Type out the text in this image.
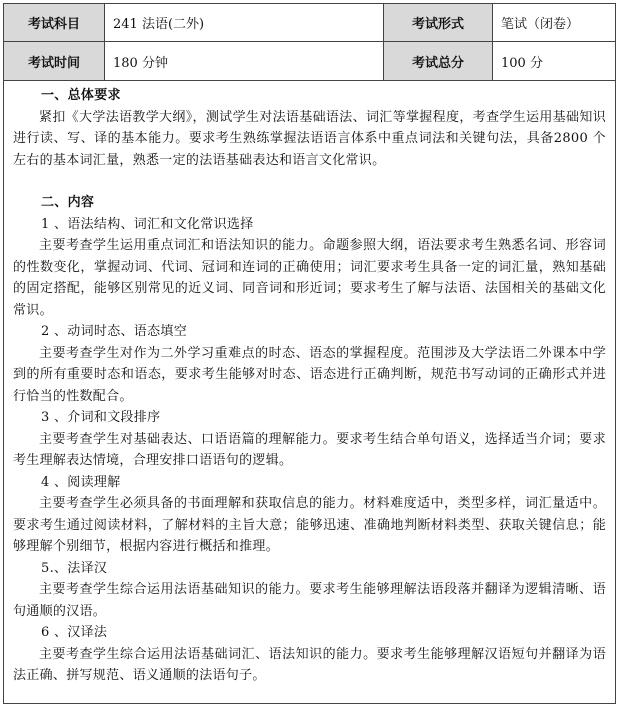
考试科目	241 法语(二外)	考试形式	笔试（闭卷）
考试时间	180 分钟	考试总分	100 分

一、总体要求

紧扣《大学法语教学大纲》，测试学生对法语基础语法、词汇等掌握程度，考查学生运用基础知识进行读、写、译的基本能力。要求考生熟练掌握法语语言体系中重点词法和关键句法，具备2800 个左右的基本词汇量，熟悉一定的法语基础表达和语言文化常识。

二、内容

1 、语法结构、词汇和文化常识选择

主要考查学生运用重点词汇和语法知识的能力。命题参照大纲，语法要求考生熟悉名词、形容词的性数变化，掌握动词、代词、冠词和连词的正确使用；词汇要求考生具备一定的词汇量，熟知基础的固定搭配，能够区别常见的近义词、同音词和形近词；要求考生了解与法语、法国相关的基础文化常识。

2 、动词时态、语态填空

主要考查学生对作为二外学习重难点的时态、语态的掌握程度。范围涉及大学法语二外课本中学到的所有重要时态和语态，要求考生能够对时态、语态进行正确判断，规范书写动词的正确形式并进行恰当的性数配合。

3 、介词和文段排序

主要考查学生对基础表达、口语语篇的理解能力。要求考生结合单句语义，选择适当介词；要求考生理解表达情境，合理安排口语语句的逻辑。

4 、阅读理解

主要考查学生必须具备的书面理解和获取信息的能力。材料难度适中，类型多样，词汇量适中。要求考生通过阅读材料，了解材料的主旨大意；能够迅速、准确地判断材料类型、获取关键信息；能够理解个别细节，根据内容进行概括和推理。

5.、法译汉

主要考查学生综合运用法语基础知识的能力。要求考生能够理解法语段落并翻译为逻辑清晰、语句通顺的汉语。

6 、汉译法

主要考查学生综合运用法语基础词汇、语法知识的能力。要求考生能够理解汉语短句并翻译为语法正确、拼写规范、语义通顺的法语句子。
